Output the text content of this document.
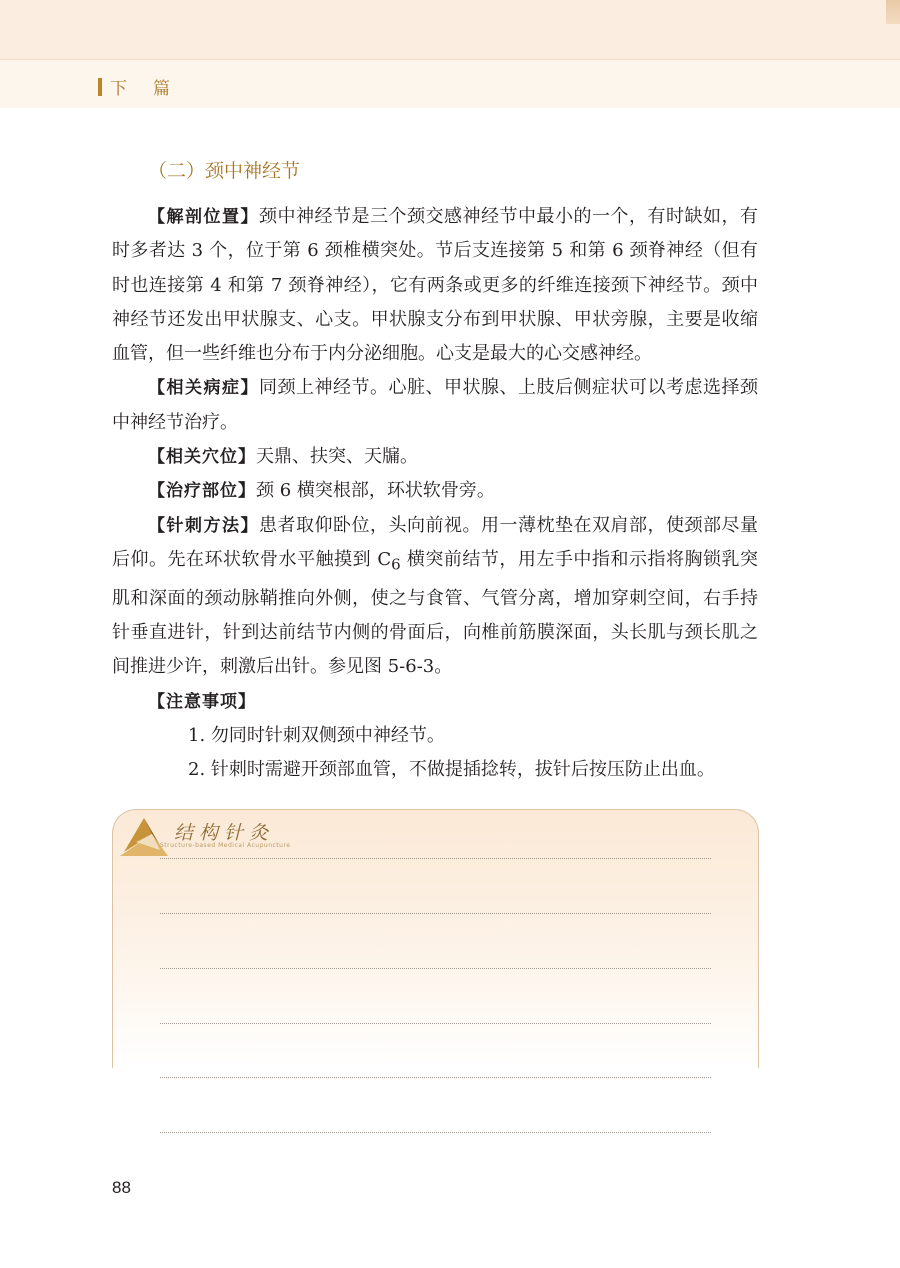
下篇
（二）颈中神经节

【解剖位置】颈中神经节是三个颈交感神经节中最小的一个，有时缺如，有时多者达 3 个，位于第 6 颈椎横突处。节后支连接第 5 和第 6 颈脊神经（但有时也连接第 4 和第 7 颈脊神经），它有两条或更多的纤维连接颈下神经节。颈中神经节还发出甲状腺支、心支。甲状腺支分布到甲状腺、甲状旁腺，主要是收缩血管，但一些纤维也分布于内分泌细胞。心支是最大的心交感神经。

【相关病症】同颈上神经节。心脏、甲状腺、上肢后侧症状可以考虑选择颈中神经节治疗。

【相关穴位】天鼎、扶突、天牖。

【治疗部位】颈 6 横突根部，环状软骨旁。

【针刺方法】患者取仰卧位，头向前视。用一薄枕垫在双肩部，使颈部尽量后仰。先在环状软骨水平触摸到 $C_6$ 横突前结节，用左手中指和示指将胸锁乳突肌和深面的颈动脉鞘推向外侧，使之与食管、气管分离，增加穿刺空间，右手持针垂直进针，针到达前结节内侧的骨面后，向椎前筋膜深面，头长肌与颈长肌之间推进少许，刺激后出针。参见图 5-6-3。

【注意事项】

1. 勿同时针刺双侧颈中神经节。

2. 针刺时需避开颈部血管，不做提插捻转，拔针后按压防止出血。

结构针灸
Structure-based Medical Acupuncture
88
